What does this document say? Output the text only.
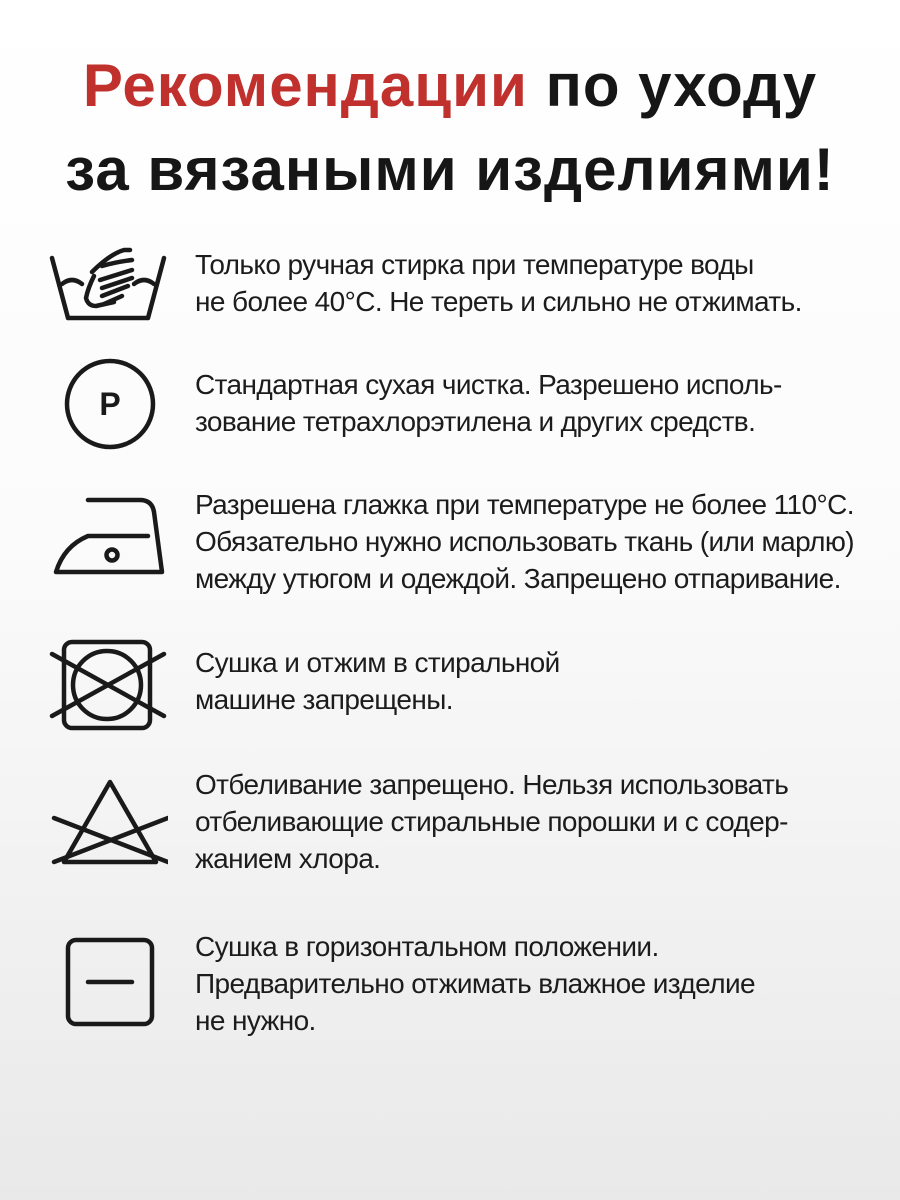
Рекомендации по уходу
за вязаными изделиями!
Только ручная стирка при температуре воды
не более 40°C. Не тереть и сильно не отжимать.
P
Стандартная сухая чистка. Разрешено исполь-
зование тетрахлорэтилена и других средств.
Разрешена глажка при температуре не более 110°C.
Обязательно нужно использовать ткань (или марлю)
между утюгом и одеждой. Запрещено отпаривание.
Сушка и отжим в стиральной
машине запрещены.
Отбеливание запрещено. Нельзя использовать
отбеливающие стиральные порошки и с содер-
жанием хлора.
Сушка в горизонтальном положении.
Предварительно отжимать влажное изделие
не нужно.
